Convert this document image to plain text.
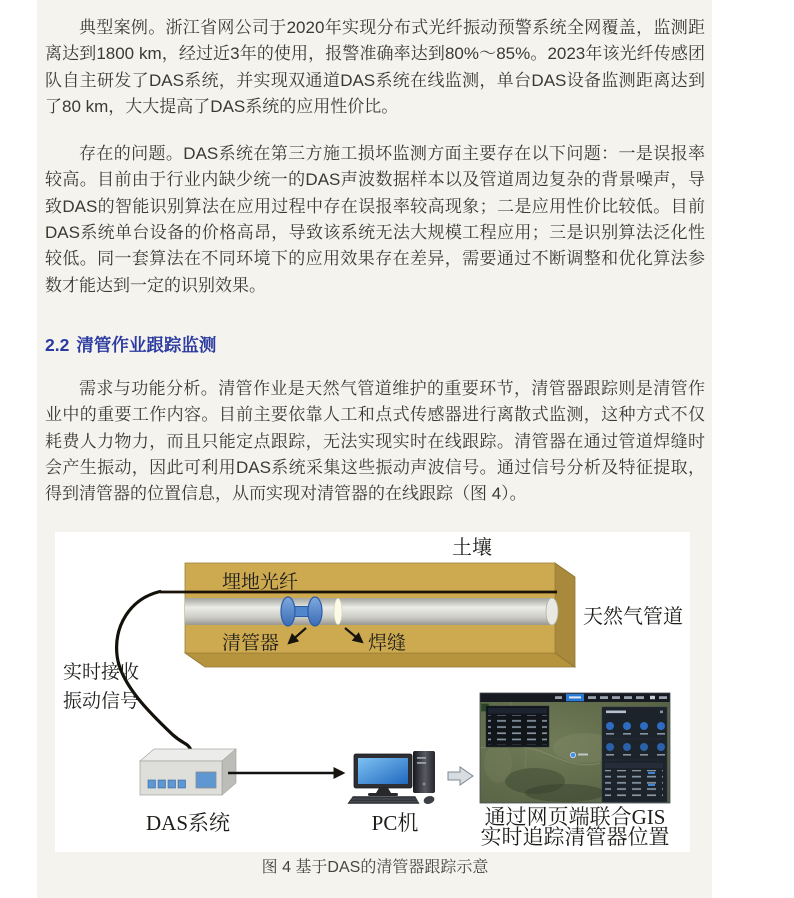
典型案例。浙江省网公司于2020年实现分布式光纤振动预警系统全网覆盖，监测距离达到1800 km，经过近3年的使用，报警准确率达到80%～85%。2023年该光纤传感团队自主研发了DAS系统，并实现双通道DAS系统在线监测，单台DAS设备监测距离达到了80 km，大大提高了DAS系统的应用性价比。

存在的问题。DAS系统在第三方施工损坏监测方面主要存在以下问题：一是误报率较高。目前由于行业内缺少统一的DAS声波数据样本以及管道周边复杂的背景噪声，导致DAS的智能识别算法在应用过程中存在误报率较高现象；二是应用性价比较低。目前DAS系统单台设备的价格高昂，导致该系统无法大规模工程应用；三是识别算法泛化性较低。同一套算法在不同环境下的应用效果存在差异，需要通过不断调整和优化算法参数才能达到一定的识别效果。

2.2 清管作业跟踪监测

需求与功能分析。清管作业是天然气管道维护的重要环节，清管器跟踪则是清管作业中的重要工作内容。目前主要依靠人工和点式传感器进行离散式监测，这种方式不仅耗费人力物力，而且只能定点跟踪，无法实现实时在线跟踪。清管器在通过管道焊缝时会产生振动，因此可利用DAS系统采集这些振动声波信号。通过信号分析及特征提取，得到清管器的位置信息，从而实现对清管器的在线跟踪（图 4）。

土壤
埋地光纤
清管器	焊缝
天然气管道
实时接收
振动信号
DAS系统	PC机	通过网页端联合GIS
实时追踪清管器位置
图 4 基于DAS的清管器跟踪示意
